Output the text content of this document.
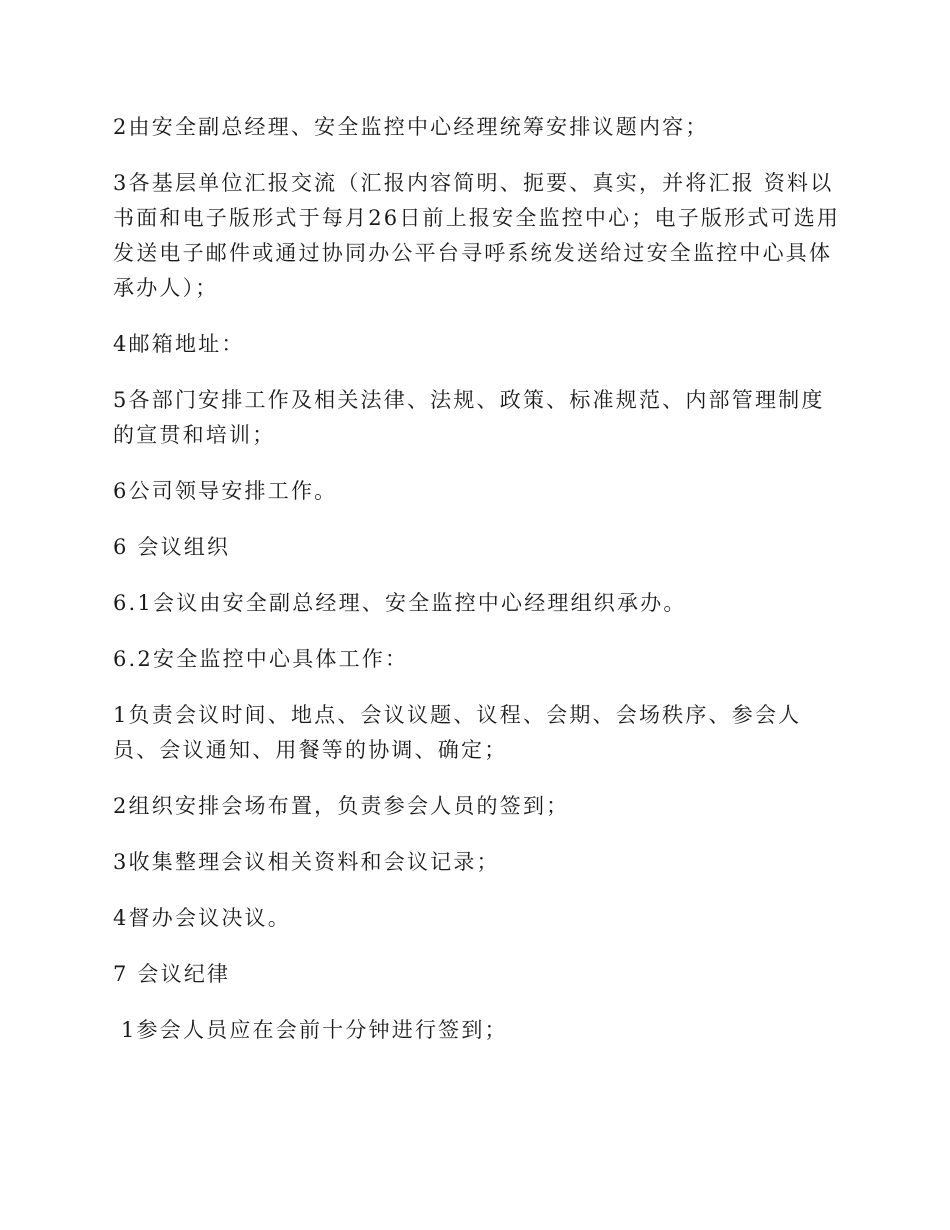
2由安全副总经理、安全监控中心经理统筹安排议题内容；

3各基层单位汇报交流（汇报内容简明、扼要、真实，并将汇报 资料以书面和电子版形式于每月26日前上报安全监控中心；电子版形式可选用发送电子邮件或通过协同办公平台寻呼系统发送给过安全监控中心具体承办人）；

4邮箱地址：

5各部门安排工作及相关法律、法规、政策、标准规范、内部管理制度的宣贯和培训；

6公司领导安排工作。

6 会议组织

6.1会议由安全副总经理、安全监控中心经理组织承办。

6.2安全监控中心具体工作：

1负责会议时间、地点、会议议题、议程、会期、会场秩序、参会人员、会议通知、用餐等的协调、确定；

2组织安排会场布置，负责参会人员的签到；

3收集整理会议相关资料和会议记录；

4督办会议决议。

7 会议纪律

1参会人员应在会前十分钟进行签到；
